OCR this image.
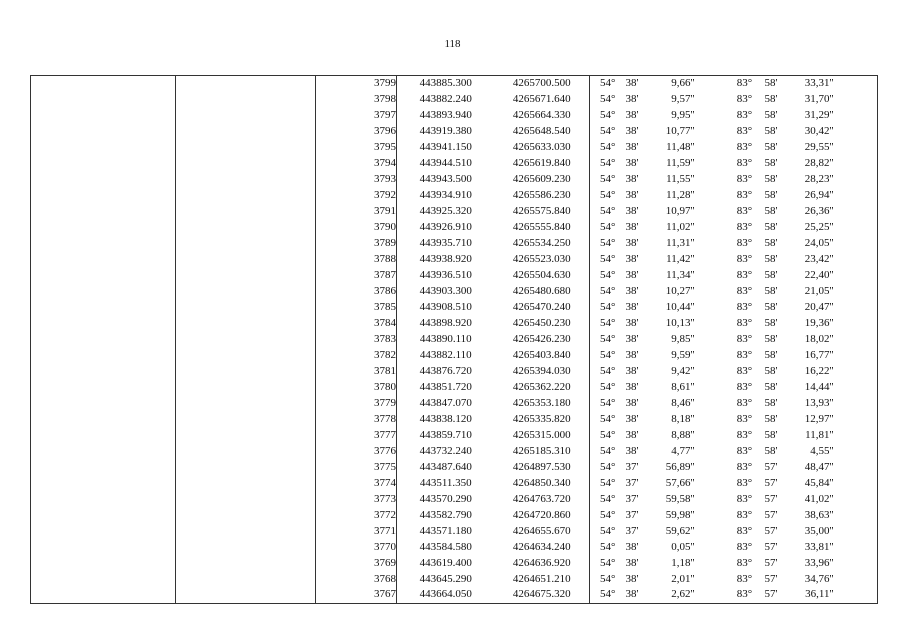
118
		3799	443885.300	4265700.500	54°	38'	9,66	''	83°	58'	33,31	''
		3798	443882.240	4265671.640	54°	38'	9,57	''	83°	58'	31,70	''
		3797	443893.940	4265664.330	54°	38'	9,95	''	83°	58'	31,29	''
		3796	443919.380	4265648.540	54°	38'	10,77	''	83°	58'	30,42	''
		3795	443941.150	4265633.030	54°	38'	11,48	''	83°	58'	29,55	''
		3794	443944.510	4265619.840	54°	38'	11,59	''	83°	58'	28,82	''
		3793	443943.500	4265609.230	54°	38'	11,55	''	83°	58'	28,23	''
		3792	443934.910	4265586.230	54°	38'	11,28	''	83°	58'	26,94	''
		3791	443925.320	4265575.840	54°	38'	10,97	''	83°	58'	26,36	''
		3790	443926.910	4265555.840	54°	38'	11,02	''	83°	58'	25,25	''
		3789	443935.710	4265534.250	54°	38'	11,31	''	83°	58'	24,05	''
		3788	443938.920	4265523.030	54°	38'	11,42	''	83°	58'	23,42	''
		3787	443936.510	4265504.630	54°	38'	11,34	''	83°	58'	22,40	''
		3786	443903.300	4265480.680	54°	38'	10,27	''	83°	58'	21,05	''
		3785	443908.510	4265470.240	54°	38'	10,44	''	83°	58'	20,47	''
		3784	443898.920	4265450.230	54°	38'	10,13	''	83°	58'	19,36	''
		3783	443890.110	4265426.230	54°	38'	9,85	''	83°	58'	18,02	''
		3782	443882.110	4265403.840	54°	38'	9,59	''	83°	58'	16,77	''
		3781	443876.720	4265394.030	54°	38'	9,42	''	83°	58'	16,22	''
		3780	443851.720	4265362.220	54°	38'	8,61	''	83°	58'	14,44	''
		3779	443847.070	4265353.180	54°	38'	8,46	''	83°	58'	13,93	''
		3778	443838.120	4265335.820	54°	38'	8,18	''	83°	58'	12,97	''
		3777	443859.710	4265315.000	54°	38'	8,88	''	83°	58'	11,81	''
		3776	443732.240	4265185.310	54°	38'	4,77	''	83°	58'	4,55	''
		3775	443487.640	4264897.530	54°	37'	56,89	''	83°	57'	48,47	''
		3774	443511.350	4264850.340	54°	37'	57,66	''	83°	57'	45,84	''
		3773	443570.290	4264763.720	54°	37'	59,58	''	83°	57'	41,02	''
		3772	443582.790	4264720.860	54°	37'	59,98	''	83°	57'	38,63	''
		3771	443571.180	4264655.670	54°	37'	59,62	''	83°	57'	35,00	''
		3770	443584.580	4264634.240	54°	38'	0,05	''	83°	57'	33,81	''
		3769	443619.400	4264636.920	54°	38'	1,18	''	83°	57'	33,96	''
		3768	443645.290	4264651.210	54°	38'	2,01	''	83°	57'	34,76	''
		3767	443664.050	4264675.320	54°	38'	2,62	''	83°	57'	36,11	''
